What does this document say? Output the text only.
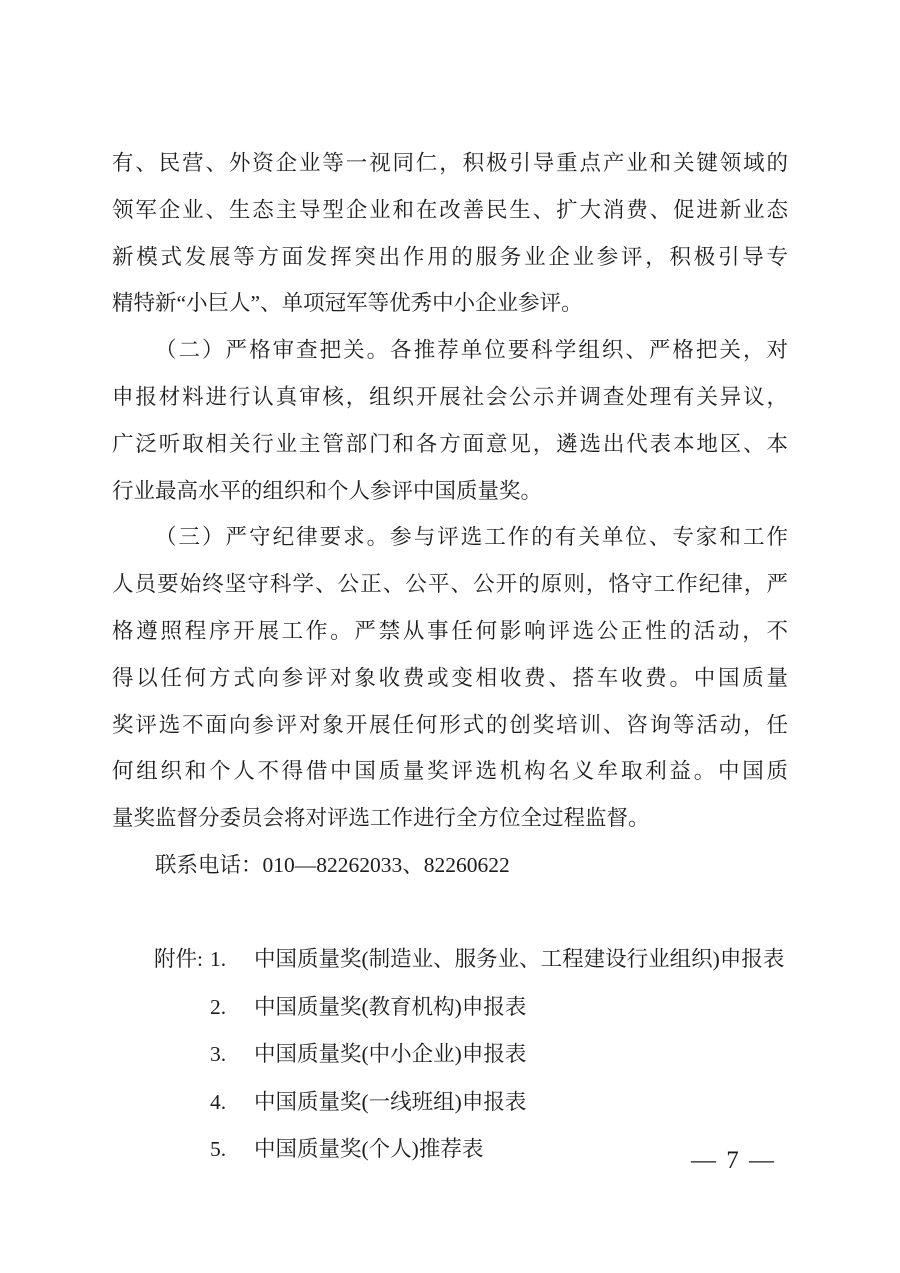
有、民营、外资企业等一视同仁，积极引导重点产业和关键领域的
领军企业、生态主导型企业和在改善民生、扩大消费、促进新业态
新模式发展等方面发挥突出作用的服务业企业参评，积极引导专
精特新“小巨人”、单项冠军等优秀中小企业参评。
（二）严格审查把关。各推荐单位要科学组织、严格把关，对
申报材料进行认真审核，组织开展社会公示并调查处理有关异议，
广泛听取相关行业主管部门和各方面意见，遴选出代表本地区、本
行业最高水平的组织和个人参评中国质量奖。
（三）严守纪律要求。参与评选工作的有关单位、专家和工作
人员要始终坚守科学、公正、公平、公开的原则，恪守工作纪律，严
格遵照程序开展工作。严禁从事任何影响评选公正性的活动，不
得以任何方式向参评对象收费或变相收费、搭车收费。中国质量
奖评选不面向参评对象开展任何形式的创奖培训、咨询等活动，任
何组织和个人不得借中国质量奖评选机构名义牟取利益。中国质
量奖监督分委员会将对评选工作进行全方位全过程监督。
联系电话：010—82262033、82260622
附件: 1.	中国质量奖(制造业、服务业、工程建设行业组织)申报表
2.	中国质量奖(教育机构)申报表
3.	中国质量奖(中小企业)申报表
4.	中国质量奖(一线班组)申报表
5.	中国质量奖(个人)推荐表	— 7 —
